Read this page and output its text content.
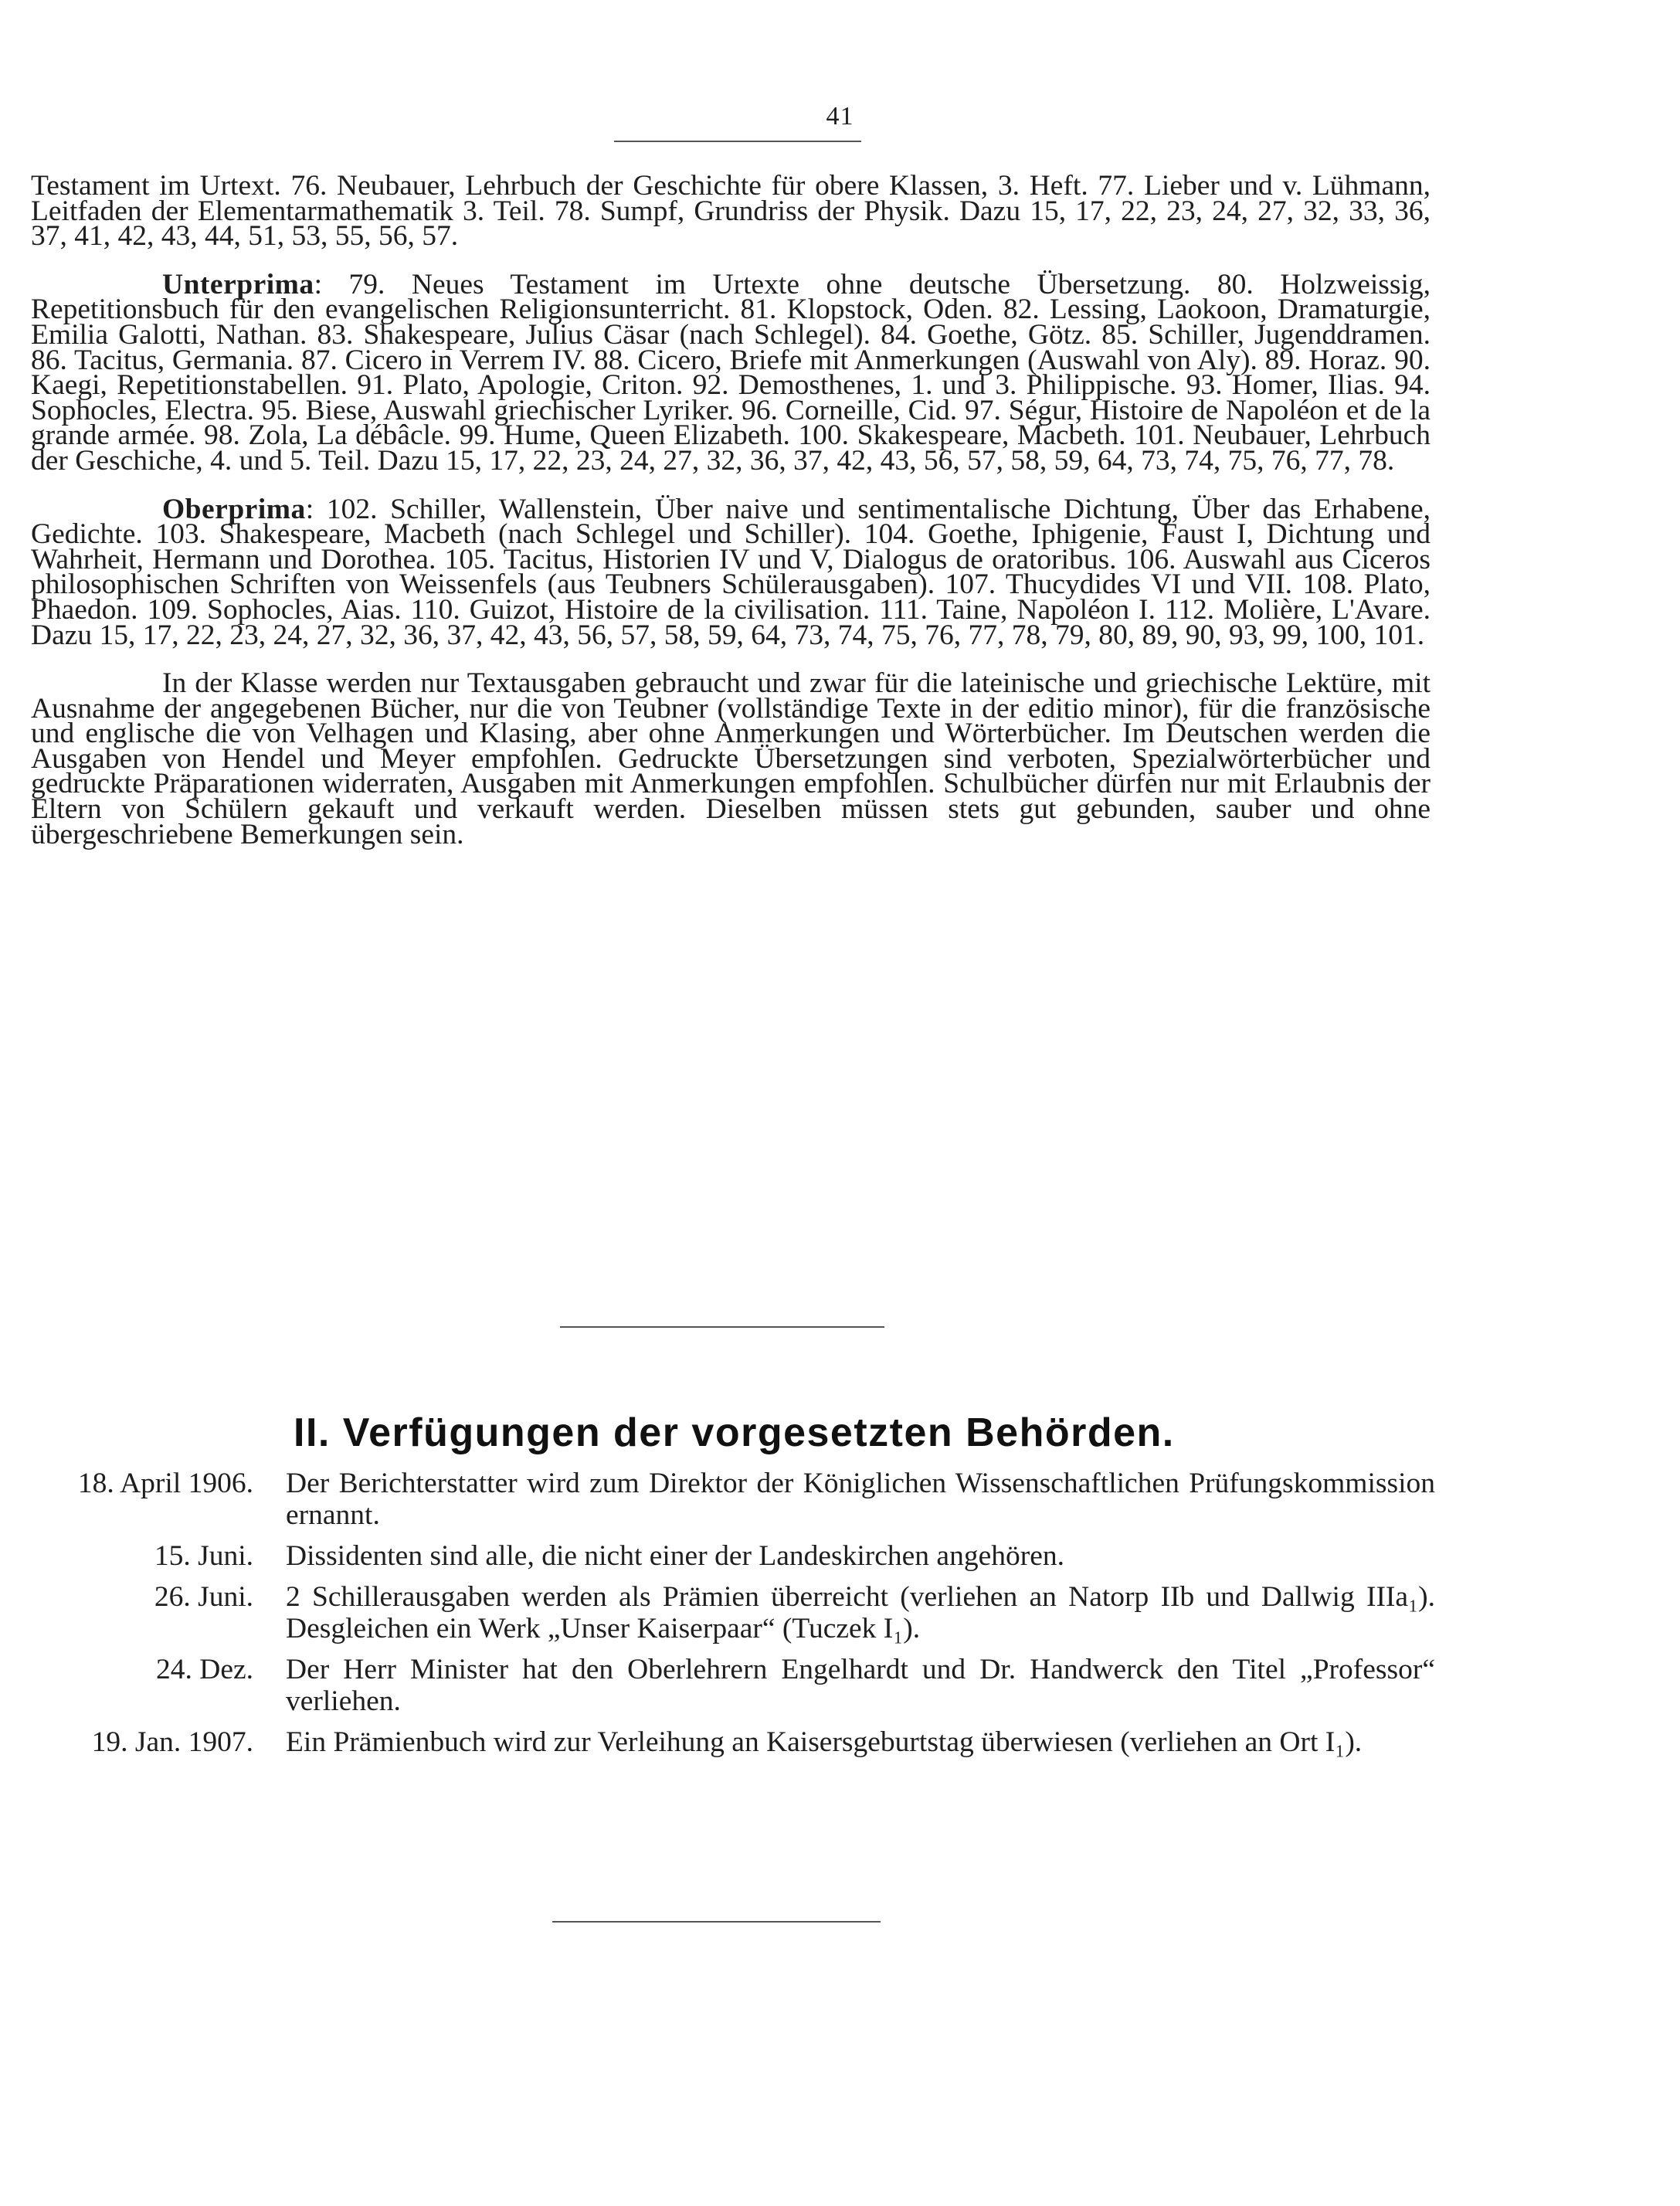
41

Testament im Urtext. 76. Neubauer, Lehrbuch der Geschichte für obere Klassen, 3. Heft. 77. Lieber und v. Lühmann, Leitfaden der Elementarmathematik 3. Teil. 78. Sumpf, Grundriss der Physik. Dazu 15, 17, 22, 23, 24, 27, 32, 33, 36, 37, 41, 42, 43, 44, 51, 53, 55, 56, 57.

Unterprima: 79. Neues Testament im Urtexte ohne deutsche Übersetzung. 80. Holzweissig, Repetitionsbuch für den evangelischen Religionsunterricht. 81. Klopstock, Oden. 82. Lessing, Laokoon, Dramaturgie, Emilia Galotti, Nathan. 83. Shakespeare, Julius Cäsar (nach Schlegel). 84. Goethe, Götz. 85. Schiller, Jugenddramen. 86. Tacitus, Germania. 87. Cicero in Verrem IV. 88. Cicero, Briefe mit Anmerkungen (Auswahl von Aly). 89. Horaz. 90. Kaegi, Repetitionstabellen. 91. Plato, Apologie, Criton. 92. Demosthenes, 1. und 3. Philippische. 93. Homer, Ilias. 94. Sophocles, Electra. 95. Biese, Auswahl griechischer Lyriker. 96. Corneille, Cid. 97. Ségur, Histoire de Napoléon et de la grande armée. 98. Zola, La débâcle. 99. Hume, Queen Elizabeth. 100. Skakespeare, Macbeth. 101. Neubauer, Lehrbuch der Geschiche, 4. und 5. Teil. Dazu 15, 17, 22, 23, 24, 27, 32, 36, 37, 42, 43, 56, 57, 58, 59, 64, 73, 74, 75, 76, 77, 78.

Oberprima: 102. Schiller, Wallenstein, Über naive und sentimentalische Dichtung, Über das Erhabene, Gedichte. 103. Shakespeare, Macbeth (nach Schlegel und Schiller). 104. Goethe, Iphigenie, Faust I, Dichtung und Wahrheit, Hermann und Dorothea. 105. Tacitus, Historien IV und V, Dialogus de oratoribus. 106. Auswahl aus Ciceros philosophischen Schriften von Weissenfels (aus Teubners Schülerausgaben). 107. Thucydides VI und VII. 108. Plato, Phaedon. 109. Sophocles, Aias. 110. Guizot, Histoire de la civilisation. 111. Taine, Napoléon I. 112. Molière, L'Avare. Dazu 15, 17, 22, 23, 24, 27, 32, 36, 37, 42, 43, 56, 57, 58, 59, 64, 73, 74, 75, 76, 77, 78, 79, 80, 89, 90, 93, 99, 100, 101.

In der Klasse werden nur Textausgaben gebraucht und zwar für die lateinische und griechische Lektüre, mit Ausnahme der angegebenen Bücher, nur die von Teubner (vollständige Texte in der editio minor), für die französische und englische die von Velhagen und Klasing, aber ohne Anmerkungen und Wörterbücher. Im Deutschen werden die Ausgaben von Hendel und Meyer empfohlen. Gedruckte Übersetzungen sind verboten, Spezialwörterbücher und gedruckte Präparationen widerraten, Ausgaben mit Anmerkungen empfohlen. Schulbücher dürfen nur mit Erlaubnis der Eltern von Schülern gekauft und verkauft werden. Dieselben müssen stets gut gebunden, sauber und ohne übergeschriebene Bemerkungen sein.

II. Verfügungen der vorgesetzten Behörden.
18. April 1906.	Der Berichterstatter wird zum Direktor der Königlichen Wissenschaftlichen Prüfungskommission ernannt.
15. Juni.	Dissidenten sind alle, die nicht einer der Landeskirchen angehören.
26. Juni.	2 Schillerausgaben werden als Prämien überreicht (verliehen an Natorp IIb und Dallwig IIIa₁). Desgleichen ein Werk „Unser Kaiserpaar“ (Tuczek I₁).
24. Dez.	Der Herr Minister hat den Oberlehrern Engelhardt und Dr. Handwerck den Titel „Professor“ verliehen.
19. Jan. 1907.	Ein Prämienbuch wird zur Verleihung an Kaisersgeburtstag überwiesen (verliehen an Ort I₁).
